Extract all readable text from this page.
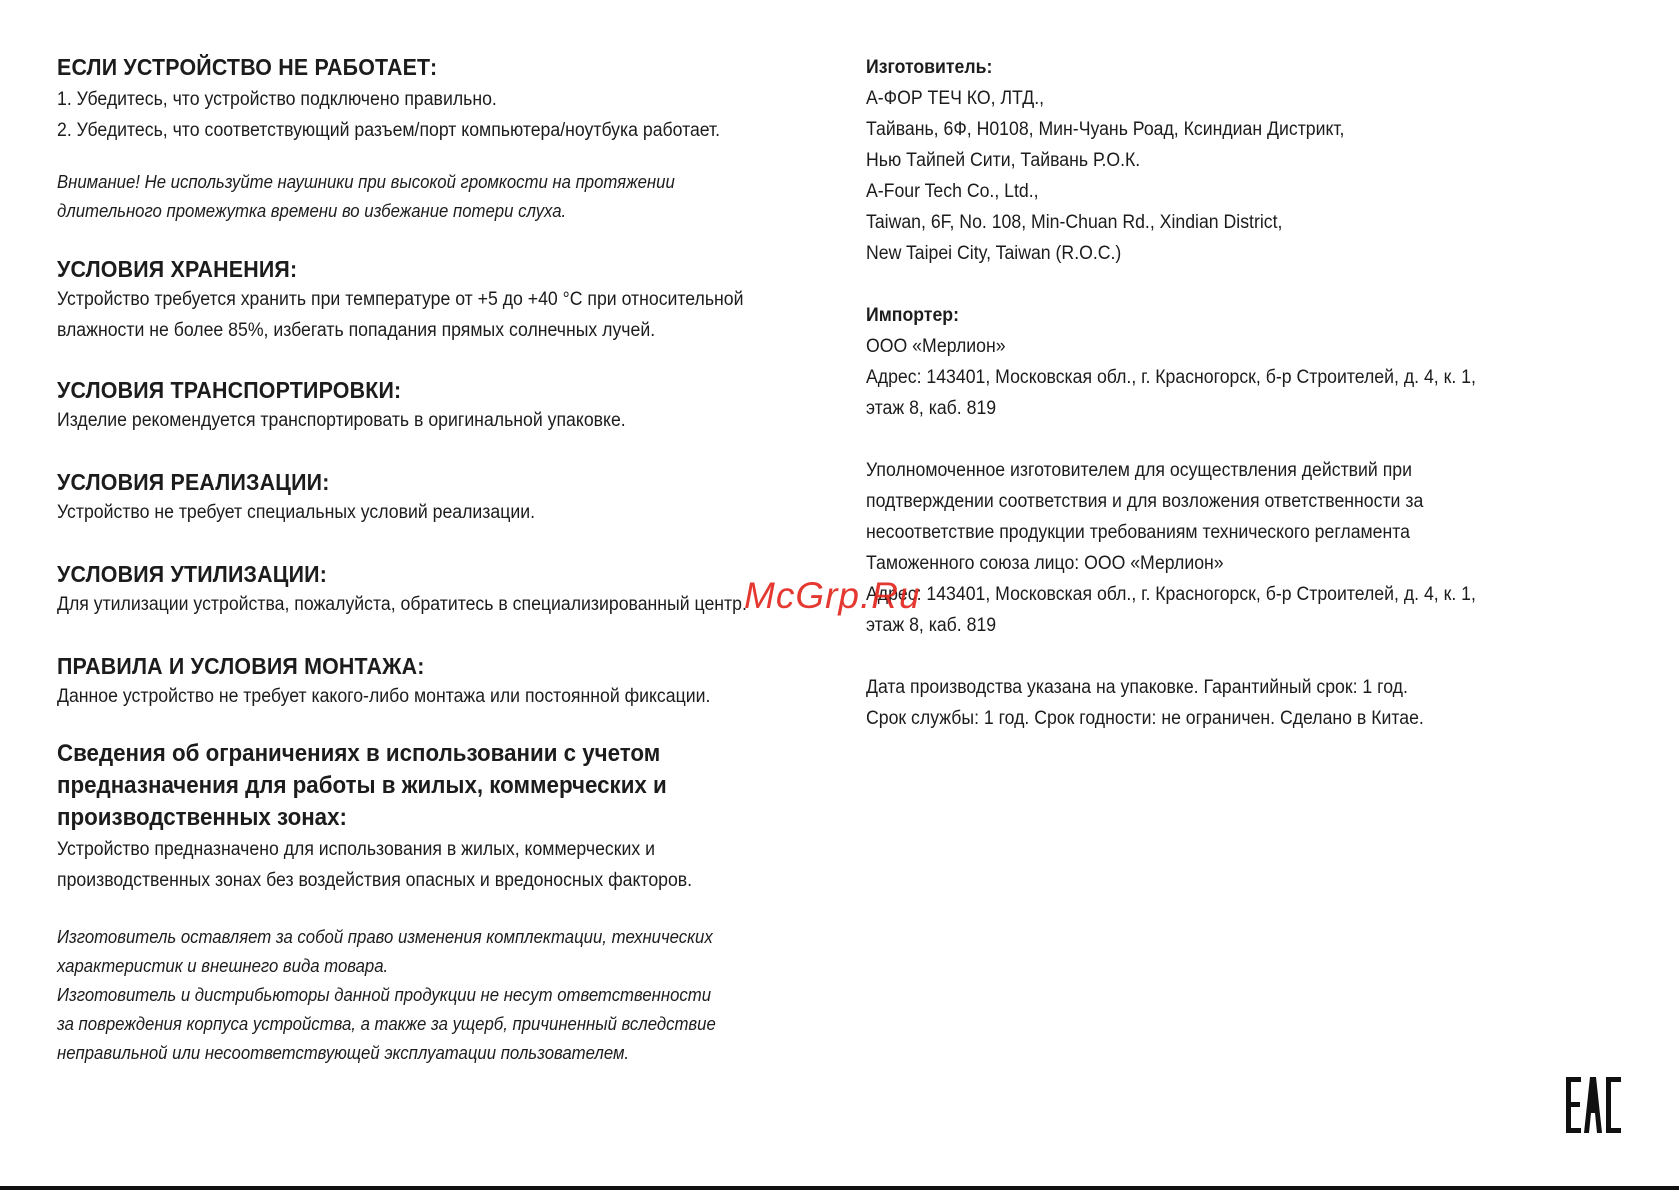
ЕСЛИ УСТРОЙСТВО НЕ РАБОТАЕТ:

1. Убедитесь, что устройство подключено правильно.

2. Убедитесь, что соответствующий разъем/порт компьютера/ноутбука работает.

Внимание! Не используйте наушники при высокой громкости на протяжении

длительного промежутка времени во избежание потери слуха.

УСЛОВИЯ ХРАНЕНИЯ:

Устройство требуется хранить при температуре от +5 до +40 °С при относительной

влажности не более 85%, избегать попадания прямых солнечных лучей.

УСЛОВИЯ ТРАНСПОРТИРОВКИ:

Изделие рекомендуется транспортировать в оригинальной упаковке.

УСЛОВИЯ РЕАЛИЗАЦИИ:

Устройство не требует специальных условий реализации.

УСЛОВИЯ УТИЛИЗАЦИИ:

Для утилизации устройства, пожалуйста, обратитесь в специализированный центр.

ПРАВИЛА И УСЛОВИЯ МОНТАЖА:

Данное устройство не требует какого-либо монтажа или постоянной фиксации.

Сведения об ограничениях в использовании с учетом
предназначения для работы в жилых, коммерческих и
производственных зонах:

Устройство предназначено для использования в жилых, коммерческих и

производственных зонах без воздействия опасных и вредоносных факторов.

Изготовитель оставляет за собой право изменения комплектации, технических

характеристик и внешнего вида товара.

Изготовитель и дистрибьюторы данной продукции не несут ответственности

за повреждения корпуса устройства, а также за ущерб, причиненный вследствие

неправильной или несоответствующей эксплуатации пользователем.

Изготовитель:

А-ФОР ТЕЧ КО, ЛТД.,

Тайвань, 6Ф, Н0108, Мин-Чуань Роад, Ксиндиан Дистрикт,

Нью Тайпей Сити, Тайвань Р.О.К.

A-Four Tech Co., Ltd.,

Taiwan, 6F, No. 108, Min-Chuan Rd., Xindian District,

New Taipei City, Taiwan (R.O.C.)

Импортер:

ООО «Мерлион»

Адрес: 143401, Московская обл., г. Красногорск, б-р Строителей, д. 4, к. 1,

этаж 8, каб. 819

Уполномоченное изготовителем для осуществления действий при

подтверждении соответствия и для возложения ответственности за

несоответствие продукции требованиям технического регламента

Таможенного союза лицо: ООО «Мерлион»

Адрес: 143401, Московская обл., г. Красногорск, б-р Строителей, д. 4, к. 1,

этаж 8, каб. 819

Дата производства указана на упаковке. Гарантийный срок: 1 год.

Срок службы: 1 год. Срок годности: не ограничен. Сделано в Китае.

McGrp.Ru
